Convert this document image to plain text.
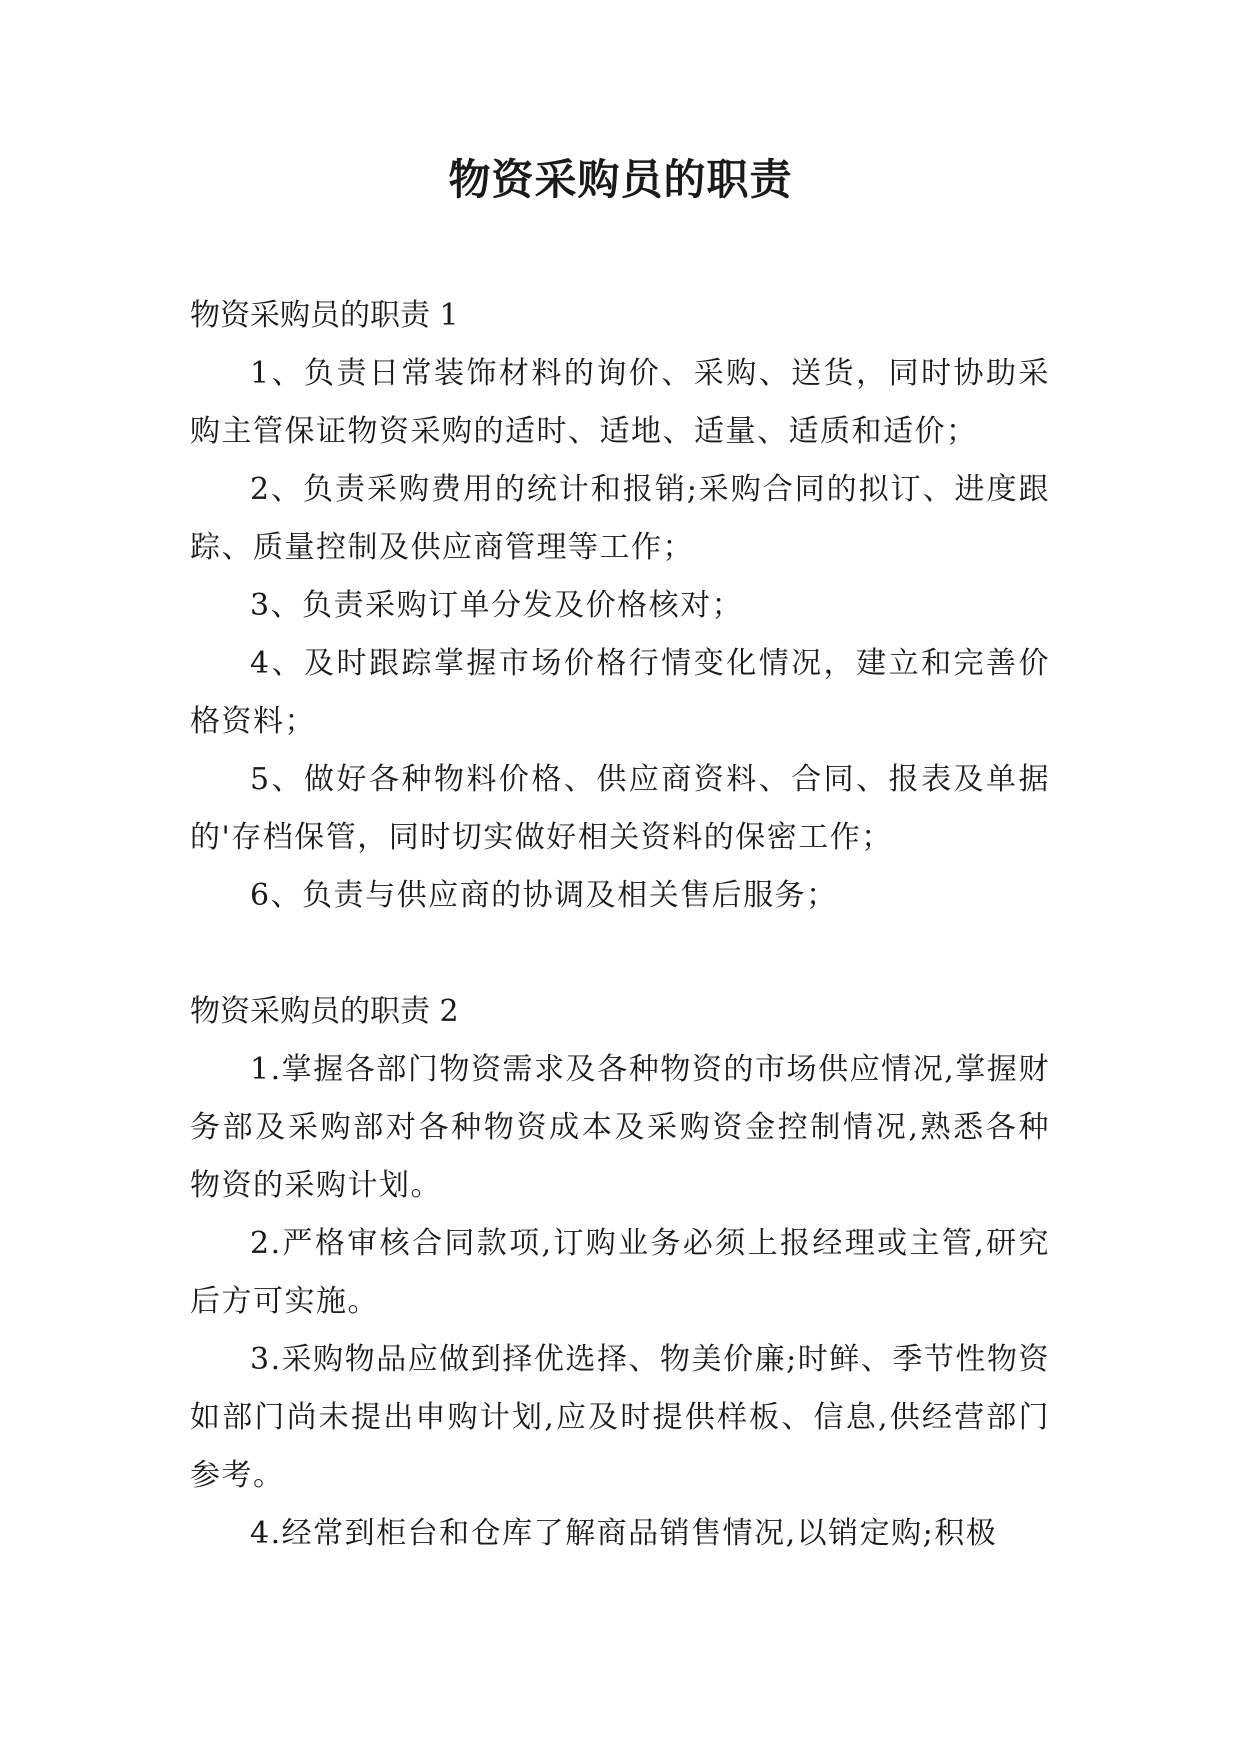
物资采购员的职责

物资采购员的职责 1

1、负责日常装饰材料的询价、采购、送货，同时协助采购主管保证物资采购的适时、适地、适量、适质和适价；

2、负责采购费用的统计和报销;采购合同的拟订、进度跟踪、质量控制及供应商管理等工作；

3、负责采购订单分发及价格核对；

4、及时跟踪掌握市场价格行情变化情况，建立和完善价格资料；

5、做好各种物料价格、供应商资料、合同、报表及单据的'存档保管，同时切实做好相关资料的保密工作；

6、负责与供应商的协调及相关售后服务；

物资采购员的职责 2

1.掌握各部门物资需求及各种物资的市场供应情况,掌握财务部及采购部对各种物资成本及采购资金控制情况,熟悉各种物资的采购计划。

2.严格审核合同款项,订购业务必须上报经理或主管,研究后方可实施。

3.采购物品应做到择优选择、物美价廉;时鲜、季节性物资如部门尚未提出申购计划,应及时提供样板、信息,供经营部门参考。

4.经常到柜台和仓库了解商品销售情况,以销定购;积极
